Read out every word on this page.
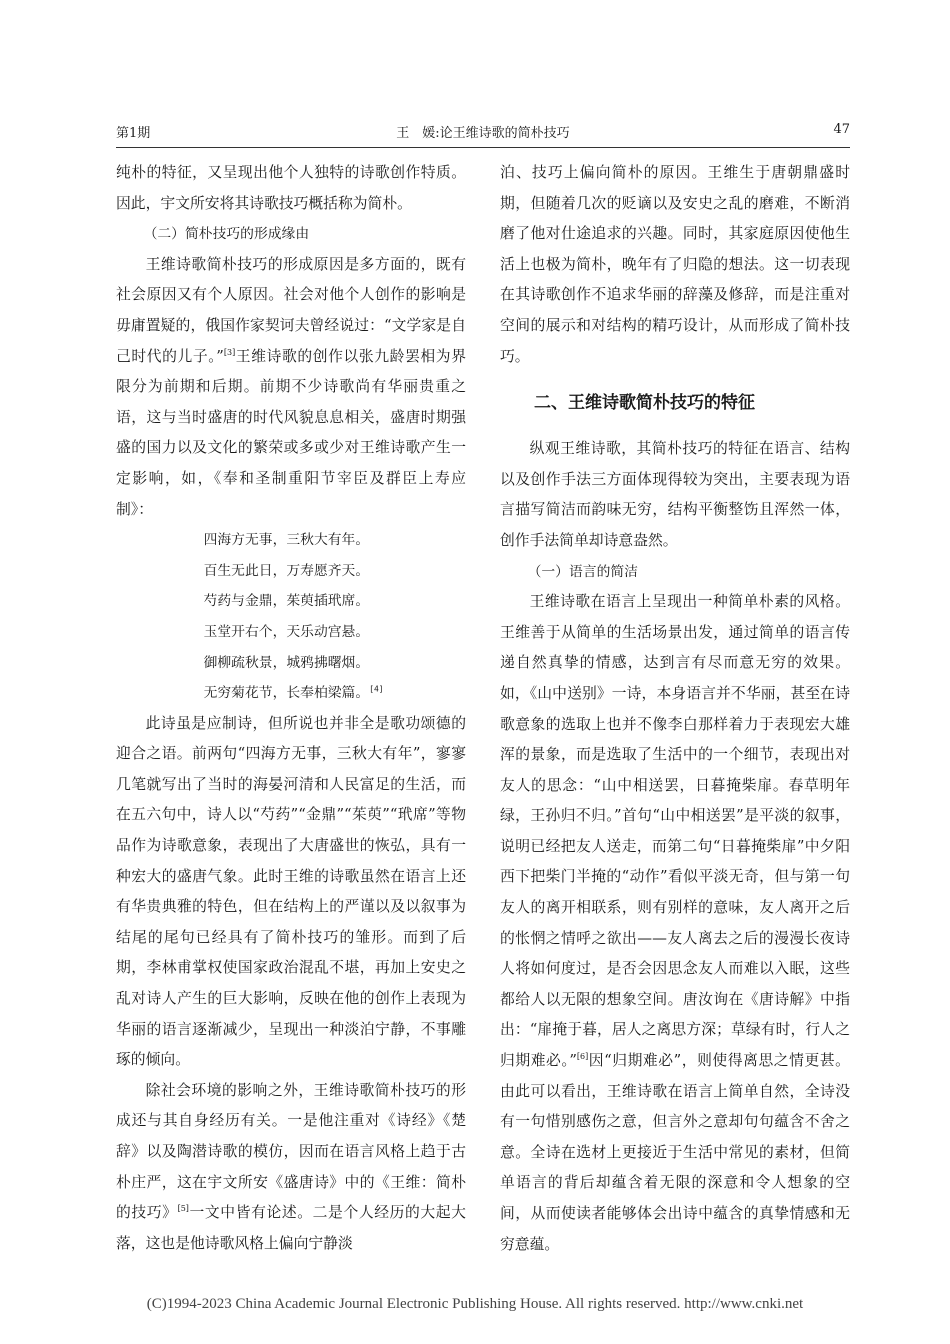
第1期	王　媛:论王维诗歌的简朴技巧	47

纯朴的特征，又呈现出他个人独特的诗歌创作特质。因此，宇文所安将其诗歌技巧概括称为简朴。

（二）简朴技巧的形成缘由

王维诗歌简朴技巧的形成原因是多方面的，既有社会原因又有个人原因。社会对他个人创作的影响是毋庸置疑的，俄国作家契诃夫曾经说过：“文学家是自己时代的儿子。”[3]王维诗歌的创作以张九龄罢相为界限分为前期和后期。前期不少诗歌尚有华丽贵重之语，这与当时盛唐的时代风貌息息相关，盛唐时期强盛的国力以及文化的繁荣或多或少对王维诗歌产生一定影响，如，《奉和圣制重阳节宰臣及群臣上寿应制》：

四海方无事，三秋大有年。

百生无此日，万寿愿齐天。

芍药与金鼎，茱萸插玳席。

玉堂开右个，天乐动宫悬。

御柳疏秋景，城鸦拂曙烟。

无穷菊花节，长奉柏梁篇。[4]

此诗虽是应制诗，但所说也并非全是歌功颂德的迎合之语。前两句“四海方无事，三秋大有年”，寥寥几笔就写出了当时的海晏河清和人民富足的生活，而在五六句中，诗人以“芍药”“金鼎”“茱萸”“玳席”等物品作为诗歌意象，表现出了大唐盛世的恢弘，具有一种宏大的盛唐气象。此时王维的诗歌虽然在语言上还有华贵典雅的特色，但在结构上的严谨以及以叙事为结尾的尾句已经具有了简朴技巧的雏形。而到了后期，李林甫掌权使国家政治混乱不堪，再加上安史之乱对诗人产生的巨大影响，反映在他的创作上表现为华丽的语言逐渐减少，呈现出一种淡泊宁静，不事雕琢的倾向。

除社会环境的影响之外，王维诗歌简朴技巧的形成还与其自身经历有关。一是他注重对《诗经》《楚辞》以及陶潜诗歌的模仿，因而在语言风格上趋于古朴庄严，这在宇文所安《盛唐诗》中的《王维：简朴的技巧》[5]一文中皆有论述。二是个人经历的大起大落，这也是他诗歌风格上偏向宁静淡

泊、技巧上偏向简朴的原因。王维生于唐朝鼎盛时期，但随着几次的贬谪以及安史之乱的磨难，不断消磨了他对仕途追求的兴趣。同时，其家庭原因使他生活上也极为简朴，晚年有了归隐的想法。这一切表现在其诗歌创作不追求华丽的辞藻及修辞，而是注重对空间的展示和对结构的精巧设计，从而形成了简朴技巧。

二、王维诗歌简朴技巧的特征

纵观王维诗歌，其简朴技巧的特征在语言、结构以及创作手法三方面体现得较为突出，主要表现为语言描写简洁而韵味无穷，结构平衡整饬且浑然一体，创作手法简单却诗意盎然。

（一）语言的简洁

王维诗歌在语言上呈现出一种简单朴素的风格。王维善于从简单的生活场景出发，通过简单的语言传递自然真挚的情感，达到言有尽而意无穷的效果。如，《山中送别》一诗，本身语言并不华丽，甚至在诗歌意象的选取上也并不像李白那样着力于表现宏大雄浑的景象，而是选取了生活中的一个细节，表现出对友人的思念：“山中相送罢，日暮掩柴扉。春草明年绿，王孙归不归。”首句“山中相送罢”是平淡的叙事，说明已经把友人送走，而第二句“日暮掩柴扉”中夕阳西下把柴门半掩的“动作”看似平淡无奇，但与第一句友人的离开相联系，则有别样的意味，友人离开之后的怅惘之情呼之欲出——友人离去之后的漫漫长夜诗人将如何度过，是否会因思念友人而难以入眠，这些都给人以无限的想象空间。唐汝询在《唐诗解》中指出：“扉掩于暮，居人之离思方深；草绿有时，行人之归期难必。”[6]因“归期难必”，则使得离思之情更甚。由此可以看出，王维诗歌在语言上简单自然，全诗没有一句惜别感伤之意，但言外之意却句句蕴含不舍之意。全诗在选材上更接近于生活中常见的素材，但简单语言的背后却蕴含着无限的深意和令人想象的空间，从而使读者能够体会出诗中蕴含的真挚情感和无穷意蕴。

(C)1994-2023 China Academic Journal Electronic Publishing House. All rights reserved. http://www.cnki.net
